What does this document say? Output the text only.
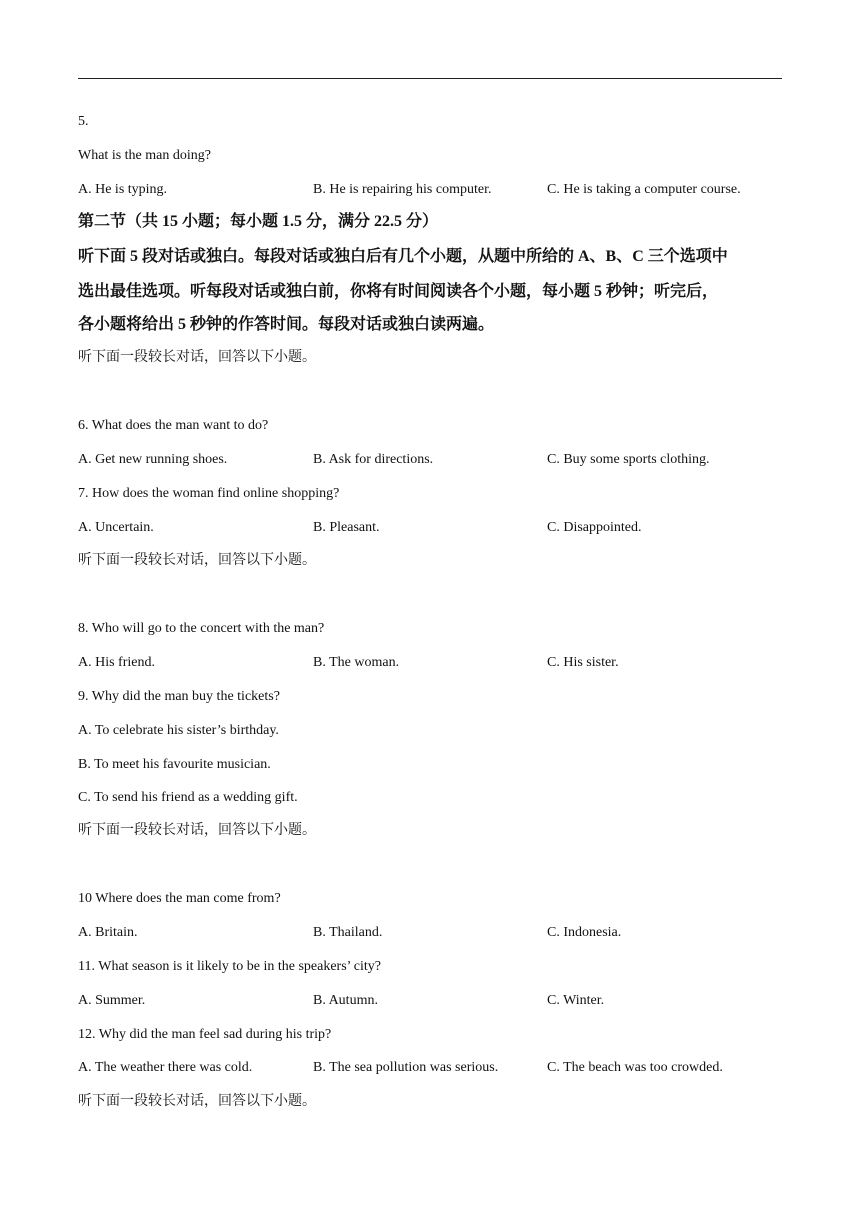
5.
What is the man doing?
A. He is typing.	B. He is repairing his computer.	C. He is taking a computer course.
第二节（共 15 小题；每小题 1.5 分，满分 22.5 分）
听下面 5 段对话或独白。每段对话或独白后有几个小题，从题中所给的 A、B、C 三个选项中
选出最佳选项。听每段对话或独白前，你将有时间阅读各个小题，每小题 5 秒钟；听完后，
各小题将给出 5 秒钟的作答时间。每段对话或独白读两遍。
听下面一段较长对话，回答以下小题。
6. What does the man want to do?
A. Get new running shoes.	B. Ask for directions.	C. Buy some sports clothing.
7. How does the woman find online shopping?
A. Uncertain.	B. Pleasant.	C. Disappointed.
听下面一段较长对话，回答以下小题。
8. Who will go to the concert with the man?
A. His friend.	B. The woman.	C. His sister.
9. Why did the man buy the tickets?
A. To celebrate his sister’s birthday.
B. To meet his favourite musician.
C. To send his friend as a wedding gift.
听下面一段较长对话，回答以下小题。
10 Where does the man come from?
A. Britain.	B. Thailand.	C. Indonesia.
11. What season is it likely to be in the speakers’ city?
A. Summer.	B. Autumn.	C. Winter.
12. Why did the man feel sad during his trip?
A. The weather there was cold.	B. The sea pollution was serious.	C. The beach was too crowded.
听下面一段较长对话，回答以下小题。
